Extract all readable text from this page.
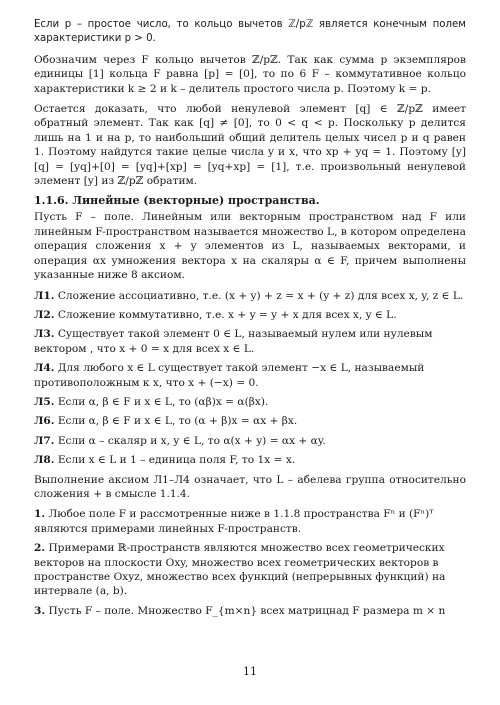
Если p – простое число, то кольцо вычетов ℤ/pℤ является конечным полем характеристики p > 0.

Обозначим через F кольцо вычетов ℤ/pℤ. Так как сумма p экземпляров единицы [1] кольца F равна [p] = [0], то по 6 F – коммутативное кольцо характеристики k ≥ 2 и k – делитель простого числа p. Поэтому k = p.

Остается доказать, что любой ненулевой элемент [q] ∈ ℤ/pℤ имеет обратный элемент. Так как [q] ≠ [0], то 0 < q < p. Поскольку p делится лишь на 1 и на p, то наибольший общий делитель целых чисел p и q равен 1. Поэтому найдутся такие целые числа y и x, что xp + yq = 1. Поэтому [y][q] = [yq]+[0] = [yq]+[xp] = [yq+xp] = [1], т.е. произвольный ненулевой элемент [y] из ℤ/pℤ обратим.

1.1.6. Линейные (векторные) пространства.

Пусть F – поле. Линейным или векторным пространством над F или линейным F-пространством называется множество L, в котором определена операция сложения x + y элементов из L, называемых векторами, и операция αx умножения вектора x на скаляры α ∈ F, причем выполнены указанные ниже 8 аксиом.

Л1. Сложение ассоциативно, т.е. (x + y) + z = x + (y + z) для всех x, y, z ∈ L.
Л2. Сложение коммутативно, т.е. x + y = y + x для всех x, y ∈ L.
Л3. Существует такой элемент 0 ∈ L, называемый нулем или нулевым вектором , что x + 0 = x для всех x ∈ L.
Л4. Для любого x ∈ L существует такой элемент −x ∈ L, называемый противоположным к x, что x + (−x) = 0.
Л5. Если α, β ∈ F и x ∈ L, то (αβ)x = α(βx).
Л6. Если α, β ∈ F и x ∈ L, то (α + β)x = αx + βx.
Л7. Если α – скаляр и x, y ∈ L, то α(x + y) = αx + αy.
Л8. Если x ∈ L и 1 – единица поля F, то 1x = x.

Выполнение аксиом Л1–Л4 означает, что L – абелева группа относительно сложения + в смысле 1.1.4.

1. Любое поле F и рассмотренные ниже в 1.1.8 пространства Fⁿ и (Fⁿ)ᵀ являются примерами линейных F-пространств.
2. Примерами ℝ-пространств являются множество всех геометрических векторов на плоскости Oxy, множество всех геометрических векторов в пространстве Oxyz, множество всех функций (непрерывных функций) на интервале (a, b).
3. Пусть F – поле. Множество F_{m×n} всех матрицнад F размера m × n
11
